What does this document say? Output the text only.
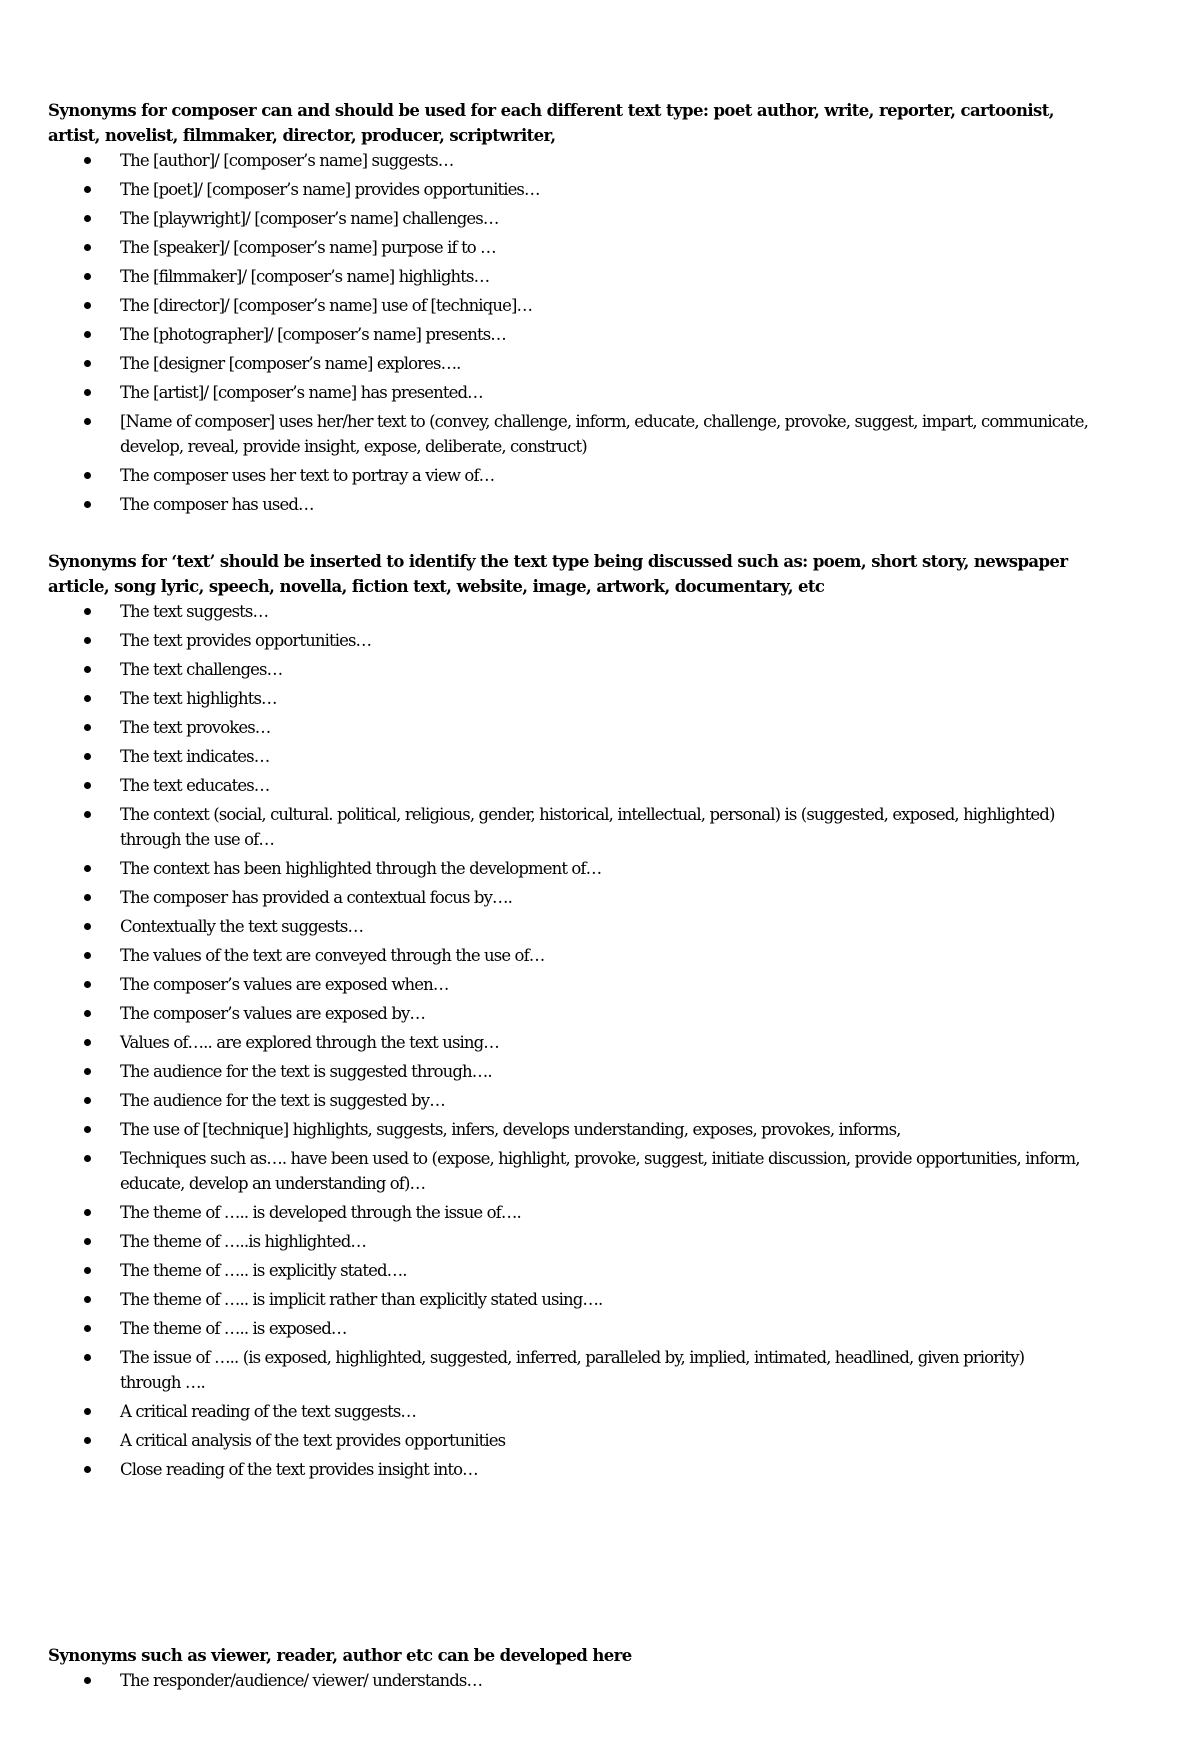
Synonyms for composer can and should be used for each different text type: poet author, write, reporter, cartoonist, artist, novelist, filmmaker, director, producer, scriptwriter,

The [author]/ [composer’s name] suggests…
The [poet]/ [composer’s name] provides opportunities…
The [playwright]/ [composer’s name] challenges…
The [speaker]/ [composer’s name] purpose if to …
The [filmmaker]/ [composer’s name] highlights…
The [director]/ [composer’s name] use of [technique]…
The [photographer]/ [composer’s name] presents…
The [designer [composer’s name] explores….
The [artist]/ [composer’s name] has presented…
[Name of composer] uses her/her text to (convey, challenge, inform, educate, challenge, provoke, suggest, impart, communicate, develop, reveal, provide insight, expose, deliberate, construct)
The composer uses her text to portray a view of…
The composer has used…

Synonyms for ‘text’ should be inserted to identify the text type being discussed such as: poem, short story, newspaper article, song lyric, speech, novella, fiction text, website, image, artwork, documentary, etc

The text suggests…
The text provides opportunities…
The text challenges…
The text highlights…
The text provokes…
The text indicates…
The text educates…
The context (social, cultural. political, religious, gender, historical, intellectual, personal) is (suggested, exposed, highlighted) through the use of…
The context has been highlighted through the development of…
The composer has provided a contextual focus by….
Contextually the text suggests…
The values of the text are conveyed through the use of…
The composer’s values are exposed when…
The composer’s values are exposed by…
Values of….. are explored through the text using…
The audience for the text is suggested through….
The audience for the text is suggested by…
The use of [technique] highlights, suggests, infers, develops understanding, exposes, provokes, informs,
Techniques such as…. have been used to (expose, highlight, provoke, suggest, initiate discussion, provide opportunities, inform, educate, develop an understanding of)…
The theme of ….. is developed through the issue of….
The theme of …..is highlighted…
The theme of ….. is explicitly stated….
The theme of ….. is implicit rather than explicitly stated using….
The theme of ….. is exposed…
The issue of ….. (is exposed, highlighted, suggested, inferred, paralleled by, implied, intimated, headlined, given priority) through ….
A critical reading of the text suggests…
A critical analysis of the text provides opportunities
Close reading of the text provides insight into…

Synonyms such as viewer, reader, author etc can be developed here

The responder/audience/ viewer/ understands…
